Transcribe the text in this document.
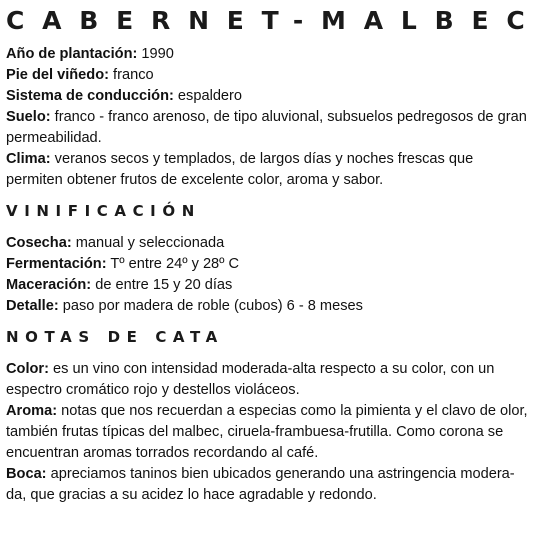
CABERNET-MALBEC
Año de plantación: 1990
Pie del viñedo: franco
Sistema de conducción: espaldero
Suelo: franco - franco arenoso, de tipo aluvional, subsuelos pedregosos de gran
permeabilidad.
Clima: veranos secos y templados, de largos días y noches frescas que
permiten obtener frutos de excelente color, aroma y sabor.
VINIFICACIÓN
Cosecha: manual y seleccionada
Fermentación: Tº entre 24º y 28º C
Maceración: de entre 15 y 20 días
Detalle: paso por madera de roble (cubos) 6 - 8 meses
NOTAS DE CATA
Color: es un vino con intensidad moderada-alta respecto a su color, con un
espectro cromático rojo y destellos violáceos.
Aroma: notas que nos recuerdan a especias como la pimienta y el clavo de olor,
también frutas típicas del malbec, ciruela-frambuesa-frutilla. Como corona se
encuentran aromas torrados recordando al café.
Boca: apreciamos taninos bien ubicados generando una astringencia modera-
da, que gracias a su acidez lo hace agradable y redondo.
